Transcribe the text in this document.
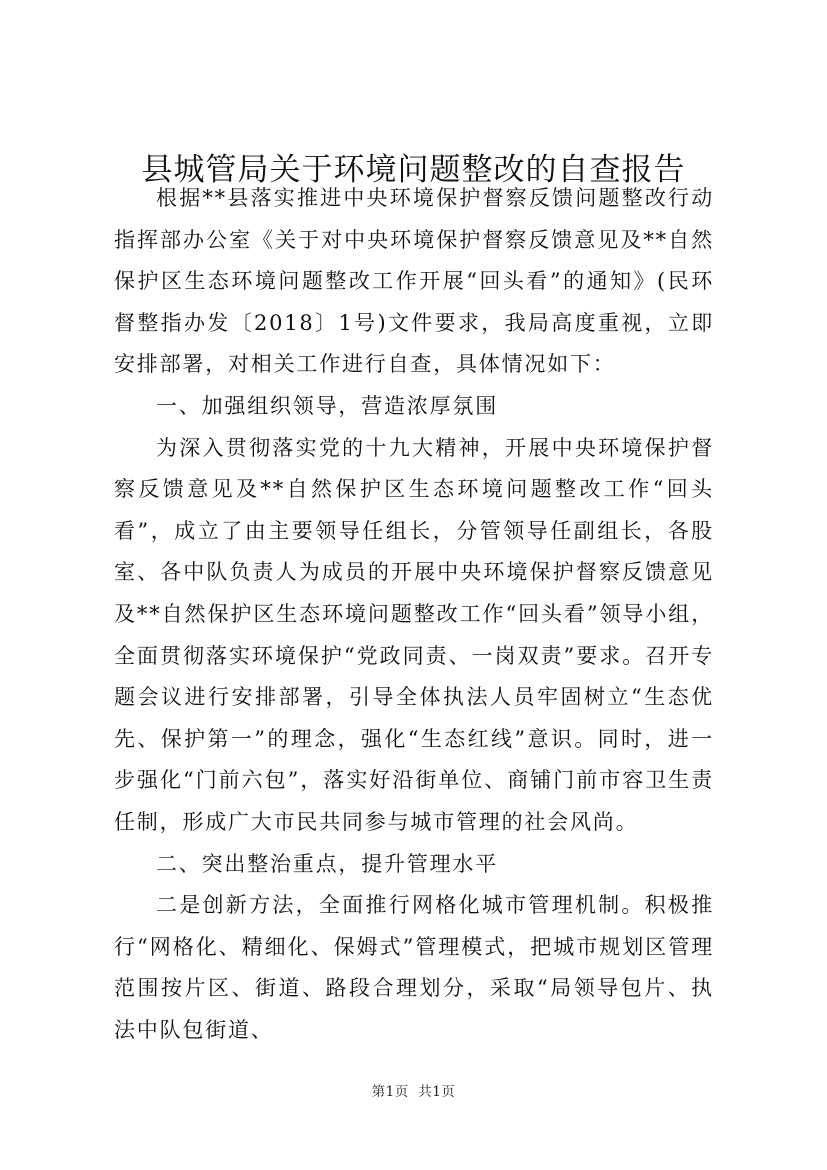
县城管局关于环境问题整改的自查报告

根据**县落实推进中央环境保护督察反馈问题整改行动指挥部办公室《关于对中央环境保护督察反馈意见及**自然保护区生态环境问题整改工作开展“回头看”的通知》(民环督整指办发〔2018〕1号)文件要求，我局高度重视，立即安排部署，对相关工作进行自查，具体情况如下：

一、加强组织领导，营造浓厚氛围

为深入贯彻落实党的十九大精神，开展中央环境保护督察反馈意见及**自然保护区生态环境问题整改工作“回头看”，成立了由主要领导任组长，分管领导任副组长，各股室、各中队负责人为成员的开展中央环境保护督察反馈意见及**自然保护区生态环境问题整改工作“回头看”领导小组，全面贯彻落实环境保护“党政同责、一岗双责”要求。召开专题会议进行安排部署，引导全体执法人员牢固树立“生态优先、保护第一”的理念，强化“生态红线”意识。同时，进一步强化“门前六包”，落实好沿街单位、商铺门前市容卫生责任制，形成广大市民共同参与城市管理的社会风尚。

二、突出整治重点，提升管理水平

二是创新方法，全面推行网格化城市管理机制。积极推行“网格化、精细化、保姆式”管理模式，把城市规划区管理范围按片区、街道、路段合理划分，采取“局领导包片、执法中队包街道、

第1页  共1页
